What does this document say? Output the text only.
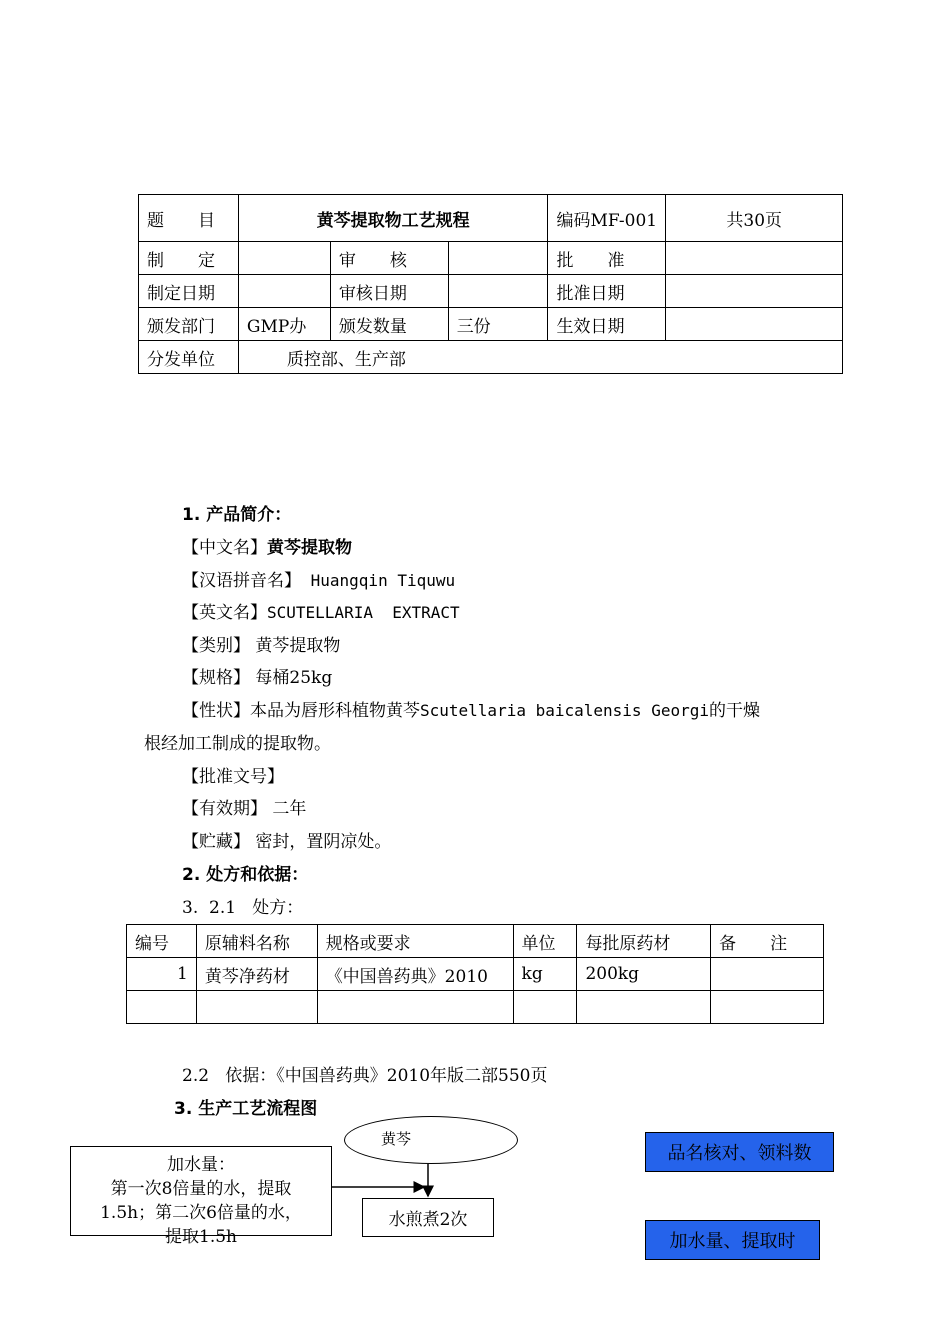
题　　目	黄芩提取物工艺规程			编码MF-001	共30页
制　　定		审　　核		批　　准	
制定日期		审核日期		批准日期	
颁发部门	GMP办	颁发数量	三份	生效日期	
分发单位	质控部、生产部				
1. 产品简介：
【中文名】黄芩提取物
【汉语拼音名】 Huangqin Tiquwu
【英文名】SCUTELLARIA  EXTRACT
【类别】 黄芩提取物
【规格】 每桶25kg
【性状】本品为唇形科植物黄芩Scutellaria baicalensis Georgi的干燥
根经加工制成的提取物。
【批准文号】
【有效期】 二年
【贮藏】 密封，置阴凉处。
2. 处方和依据：
3.  2.1   处方：
编号	原辅料名称	规格或要求	单位	每批原药材	备　　注
1	黄芩净药材	《中国兽药典》2010	kg	200kg	

2.2   依据：《中国兽药典》2010年版二部550页
3. 生产工艺流程图
黄芩
加水量：
第一次8倍量的水，提取
1.5h；第二次6倍量的水，
提取1.5h
水煎煮2次
品名核对、领料数
加水量、提取时
